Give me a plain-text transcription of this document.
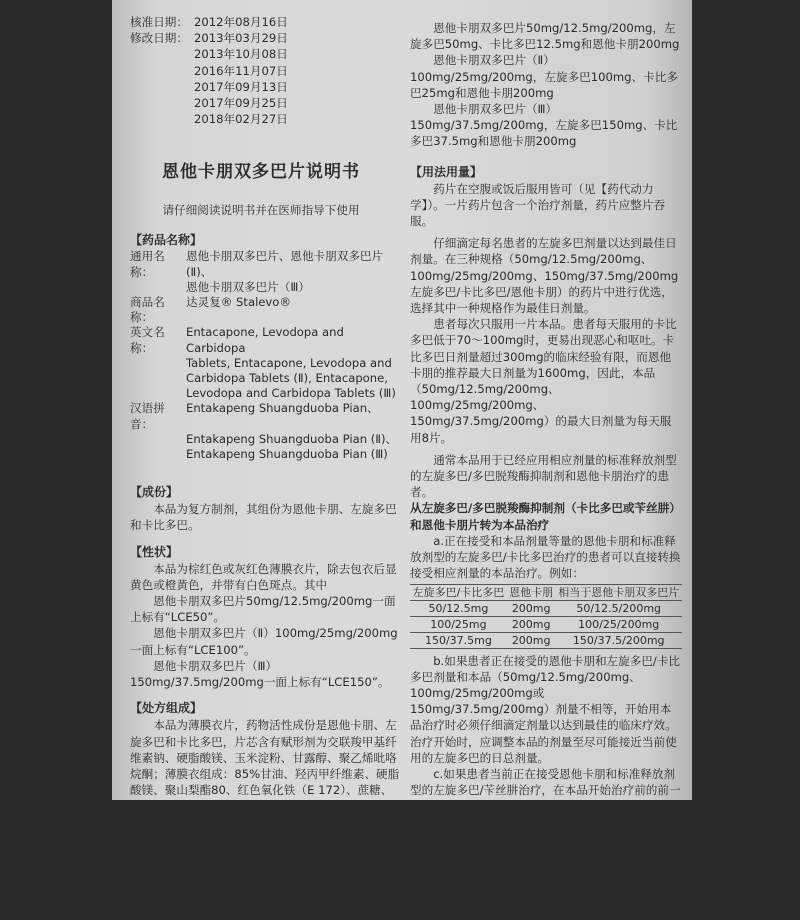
核准日期： 2012年08月16日
修改日期： 2013年03月29日
2013年10月08日
2016年11月07日
2017年09月13日
2017年09月25日
2018年02月27日
恩他卡朋双多巴片说明书
请仔细阅读说明书并在医师指导下使用
【药品名称】
通用名称：
恩他卡朋双多巴片、恩他卡朋双多巴片(Ⅱ)、
恩他卡朋双多巴片（Ⅲ）
商品名称：
达灵复® Stalevo®
英文名称：
Entacapone, Levodopa and Carbidopa
Tablets, Entacapone, Levodopa and
Carbidopa Tablets (Ⅱ), Entacapone,
Levodopa and Carbidopa Tablets (Ⅲ)
汉语拼音：
Entakapeng Shuangduoba Pian、
Entakapeng Shuangduoba Pian (Ⅱ)、
Entakapeng Shuangduoba Pian (Ⅲ)
【成份】

本品为复方制剂，其组份为恩他卡朋、左旋多巴和卡比多巴。

【性状】

本品为棕红色或灰红色薄膜衣片，除去包衣后显黄色或橙黄色，并带有白色斑点。其中

恩他卡朋双多巴片50mg/12.5mg/200mg一面上标有“LCE50”。

恩他卡朋双多巴片（Ⅱ）100mg/25mg/200mg一面上标有“LCE100”。

恩他卡朋双多巴片（Ⅲ）150mg/37.5mg/200mg一面上标有“LCE150”。

【处方组成】

本品为薄膜衣片，药物活性成份是恩他卡朋、左旋多巴和卡比多巴，片芯含有赋形剂为交联羧甲基纤维素钠、硬脂酸镁、玉米淀粉、甘露醇、聚乙烯吡咯烷酮；薄膜衣组成：85%甘油、羟丙甲纤维素、硬脂酸镁、聚山梨酯80、红色氧化铁（E 172）、蔗糖、二氧化钛（E 171）、黄色氧化铁（E 172）。

【适应症】

本品用于治疗经左旋多巴/多巴脱羧酶（DDC）抑制剂疗法未能控制的出现或伴有“剂末”运动功能波动的成人帕金森病患者。

【规格】三种规格

恩他卡朋双多巴片50mg/12.5mg/200mg，左旋多巴50mg、卡比多巴12.5mg和恩他卡朋200mg

恩他卡朋双多巴片（Ⅱ）100mg/25mg/200mg，左旋多巴100mg、卡比多巴25mg和恩他卡朋200mg

恩他卡朋双多巴片（Ⅲ）150mg/37.5mg/200mg，左旋多巴150mg、卡比多巴37.5mg和恩他卡朋200mg

【用法用量】

药片在空腹或饭后服用皆可（见【药代动力学】）。一片药片包含一个治疗剂量，药片应整片吞服。

仔细滴定每名患者的左旋多巴剂量以达到最佳日剂量。在三种规格（50mg/12.5mg/200mg、100mg/25mg/200mg、150mg/37.5mg/200mg左旋多巴/卡比多巴/恩他卡朋）的药片中进行优选，选择其中一种规格作为最佳日剂量。

患者每次只服用一片本品。患者每天服用的卡比多巴低于70～100mg时，更易出现恶心和呕吐。卡比多巴日剂量超过300mg的临床经验有限，而恩他卡朋的推荐最大日剂量为1600mg，因此，本品（50mg/12.5mg/200mg、100mg/25mg/200mg、150mg/37.5mg/200mg）的最大日剂量为每天服用8片。

通常本品用于已经应用相应剂量的标准释放剂型的左旋多巴/多巴脱羧酶抑制剂和恩他卡朋治疗的患者。

从左旋多巴/多巴脱羧酶抑制剂（卡比多巴或苄丝肼）和恩他卡朋片转为本品治疗

a.正在接受和本品剂量等量的恩他卡朋和标准释放剂型的左旋多巴/卡比多巴治疗的患者可以直接转换接受相应剂量的本品治疗。例如：

左旋多巴/卡比多巴	恩他卡朋	相当于恩他卡朋双多巴片
50/12.5mg	200mg	50/12.5/200mg
100/25mg	200mg	100/25/200mg
150/37.5mg	200mg	150/37.5/200mg

b.如果患者正在接受的恩他卡朋和左旋多巴/卡比多巴剂量和本品（50mg/12.5mg/200mg、100mg/25mg/200mg或150mg/37.5mg/200mg）剂量不相等，开始用本品治疗时必须仔细滴定剂量以达到最佳的临床疗效。治疗开始时，应调整本品的剂量至尽可能接近当前使用的左旋多巴的日总剂量。

c.如果患者当前正在接受恩他卡朋和标准释放剂型的左旋多巴/苄丝肼治疗，在本品开始治疗前的前一天晚上应停用左旋多巴/苄丝肼，第二天早晨开始服用本品。首剂本品中的左旋多巴的含量应等于或略微超过（5~10%）当前使用的左旋多巴剂量。

当前未接受恩他卡朋治疗的患者转而接受本品治疗

某些正在接受标准释放剂型的左旋多巴/多巴脱羧酶抑制剂治疗但症状不稳定的帕金森病和“剂末”运动功能波动患者可考虑用相应剂量的本品治疗。但
